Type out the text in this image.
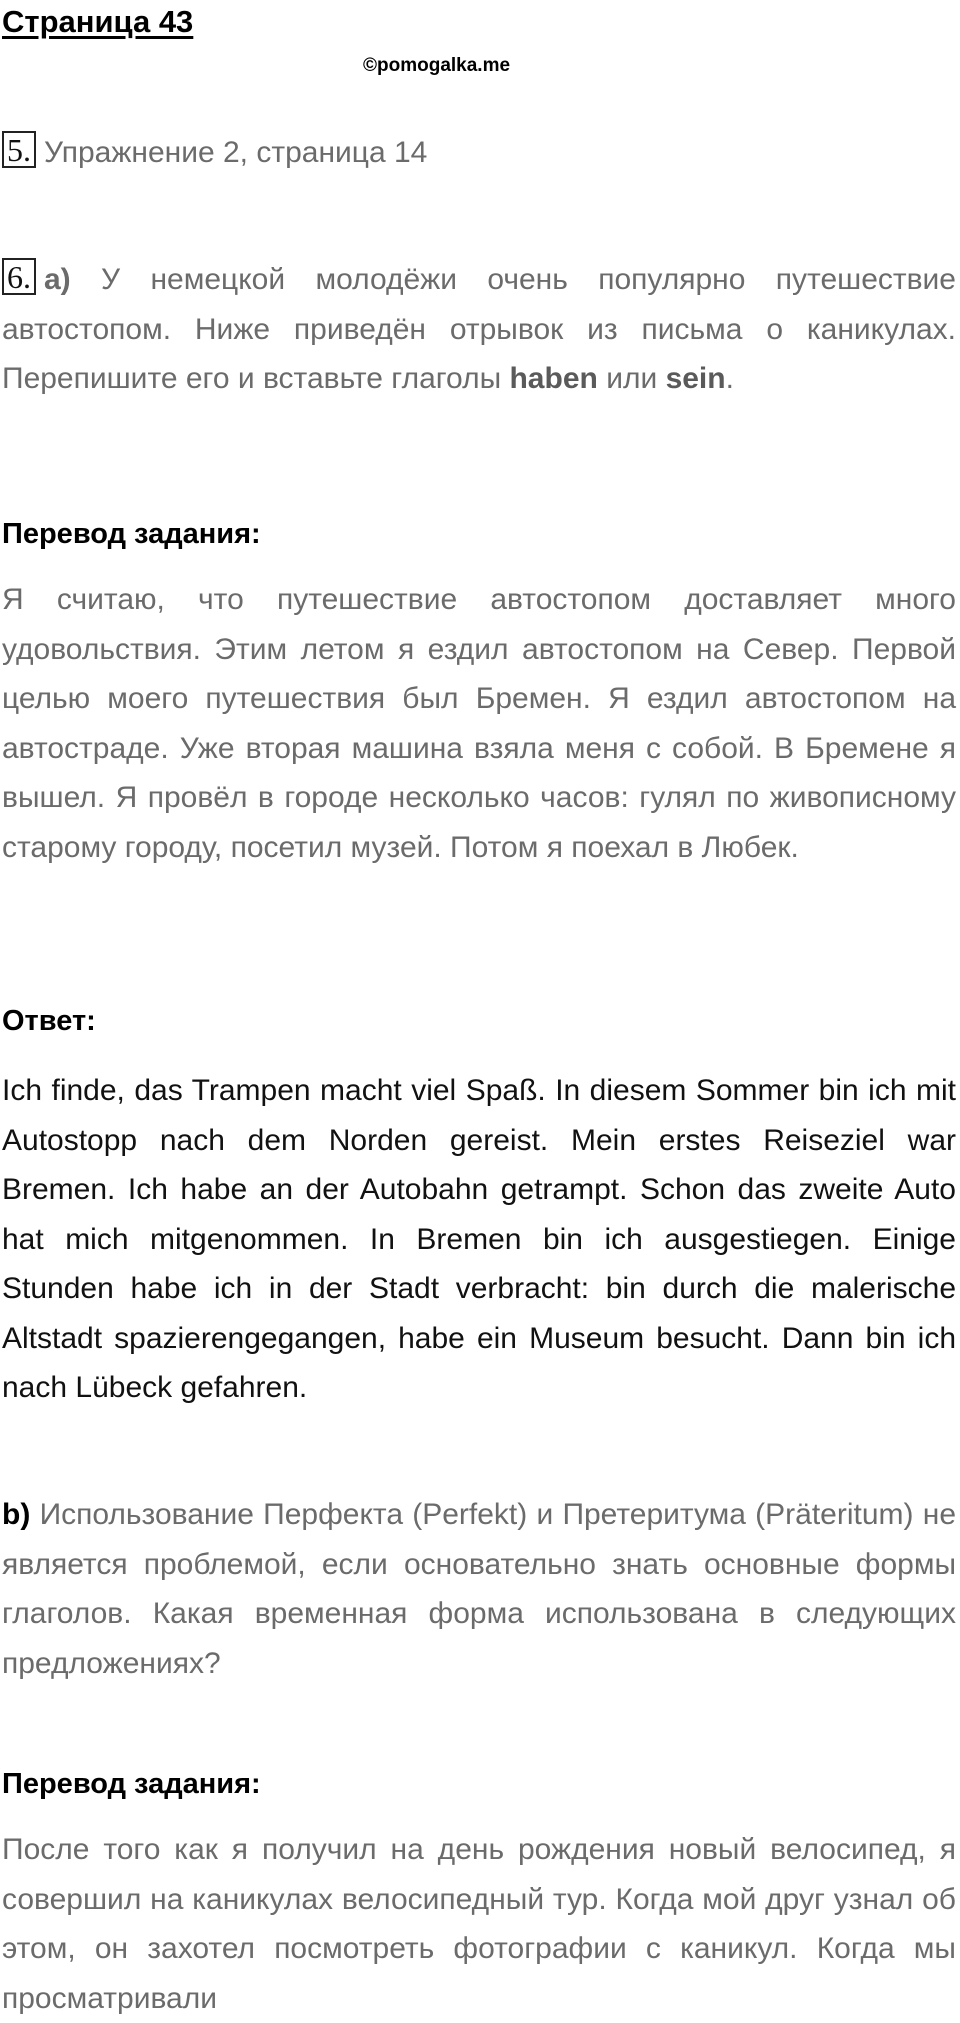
Страница 43
©pomogalka.me
5. Упражнение 2, страница 14
6. a) У немецкой молодёжи очень популярно путешествие автостопом. Ниже приведён отрывок из письма о каникулах. Перепишите его и вставьте глаголы haben или sein.
Перевод задания:
Я считаю, что путешествие автостопом доставляет много удовольствия. Этим летом я ездил автостопом на Север. Первой целью моего путешествия был Бремен. Я ездил автостопом на автостраде. Уже вторая машина взяла меня с собой. В Бремене я вышел. Я провёл в городе несколько часов: гулял по живописному старому городу, посетил музей. Потом я поехал в Любек.
Ответ:
Ich finde, das Trampen macht viel Spaß. In diesem Sommer bin ich mit Autostopp nach dem Norden gereist. Mein erstes Reiseziel war Bremen. Ich habe an der Autobahn getrampt. Schon das zweite Auto hat mich mitgenommen. In Bremen bin ich ausgestiegen. Einige Stunden habe ich in der Stadt verbracht: bin durch die malerische Altstadt spazierengegangen, habe ein Museum besucht. Dann bin ich nach Lübeck gefahren.
b) Использование Перфекта (Perfekt) и Претеритума (Präteritum) не является проблемой, если основательно знать основные формы глаголов. Какая временная форма использована в следующих предложениях?
Перевод задания:
После того как я получил на день рождения новый велосипед, я совершил на каникулах велосипедный тур. Когда мой друг узнал об этом, он захотел посмотреть фотографии с каникул. Когда мы просматривали
